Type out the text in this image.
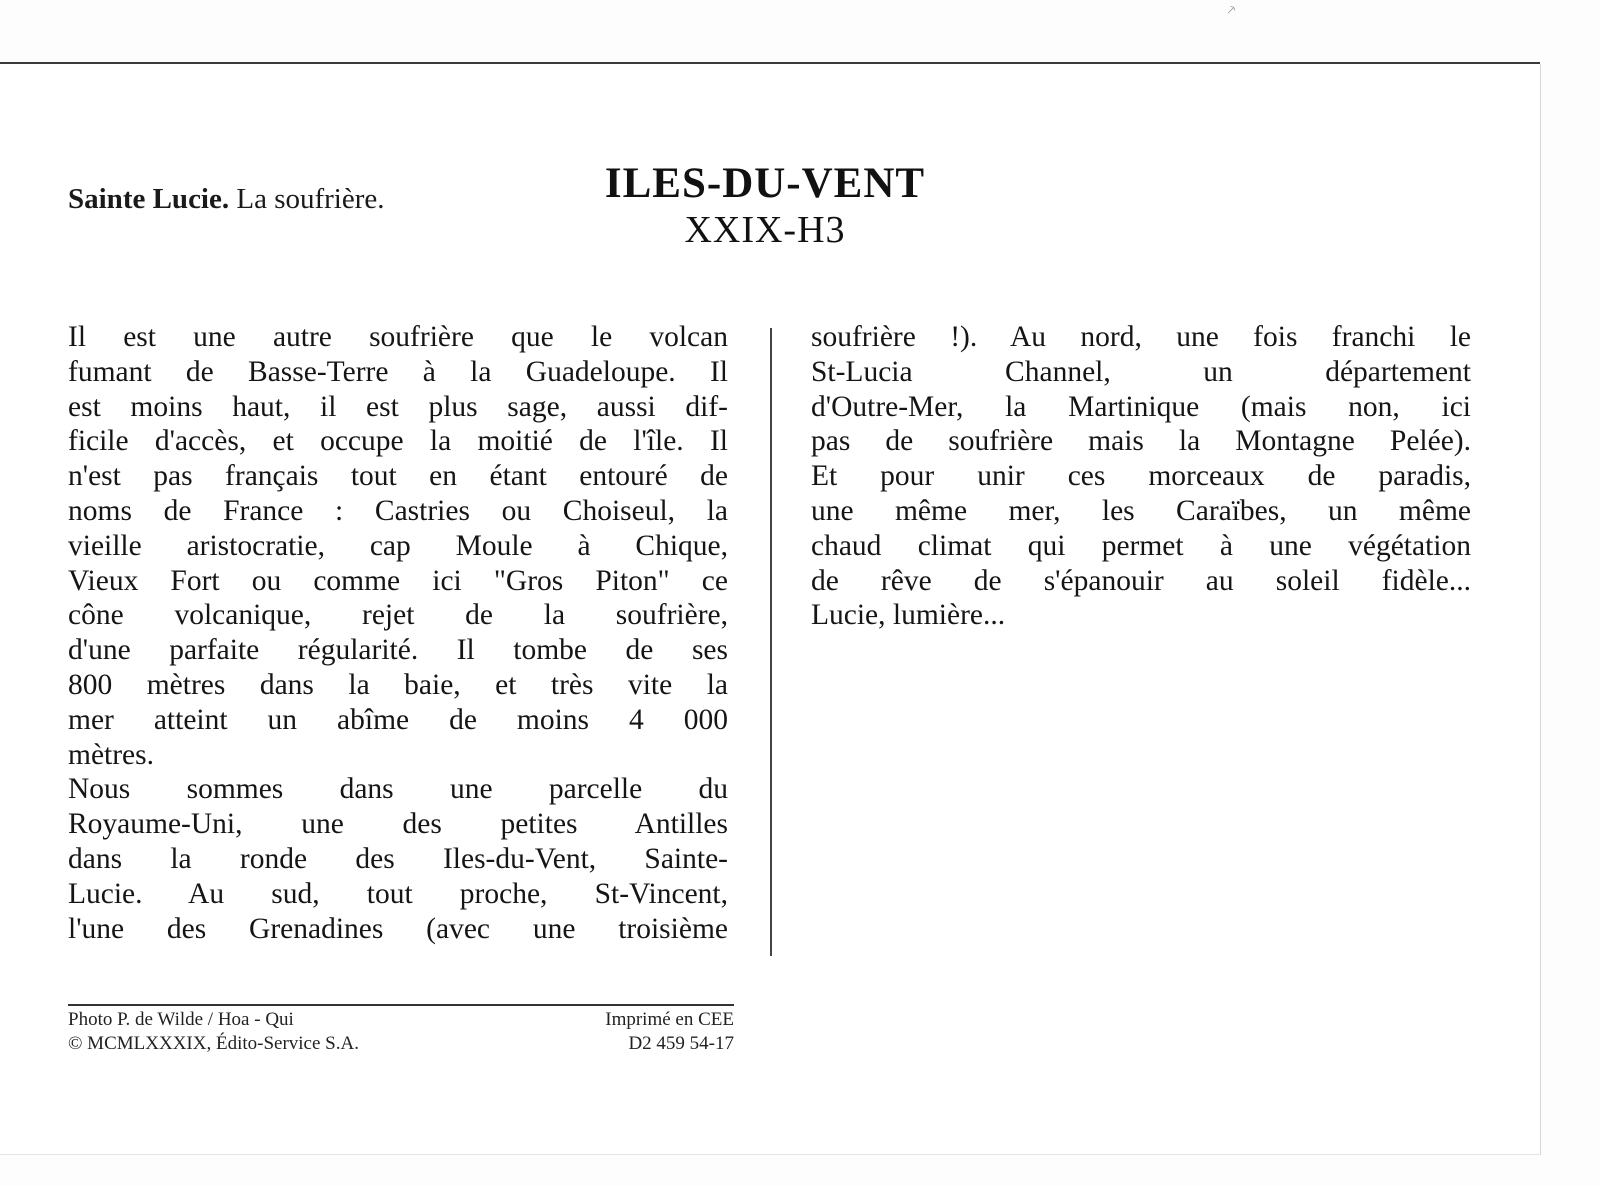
⸕
Sainte Lucie. La soufrière.	ILES-DU-VENT
XXIX-H3
Il est une autre soufrière que le volcan
fumant de Basse-Terre à la Guadeloupe. Il
est moins haut, il est plus sage, aussi dif-
ficile d'accès, et occupe la moitié de l'île. Il
n'est pas français tout en étant entouré de
noms de France : Castries ou Choiseul, la
vieille aristocratie, cap Moule à Chique,
Vieux Fort ou comme ici "Gros Piton" ce
cône volcanique, rejet de la soufrière,
d'une parfaite régularité. Il tombe de ses
800 mètres dans la baie, et très vite la
mer atteint un abîme de moins 4 000
mètres.
Nous sommes dans une parcelle du
Royaume-Uni, une des petites Antilles
dans la ronde des Iles-du-Vent, Sainte-
Lucie. Au sud, tout proche, St-Vincent,
l'une des Grenadines (avec une troisième
soufrière !). Au nord, une fois franchi le
St-Lucia Channel, un département
d'Outre-Mer, la Martinique (mais non, ici
pas de soufrière mais la Montagne Pelée).
Et pour unir ces morceaux de paradis,
une même mer, les Caraïbes, un même
chaud climat qui permet à une végétation
de rêve de s'épanouir au soleil fidèle...
Lucie, lumière...
Photo P. de Wilde / Hoa - Qui
© MCMLXXXIX, Édito-Service S.A.
Imprimé en CEE
D2 459 54-17
